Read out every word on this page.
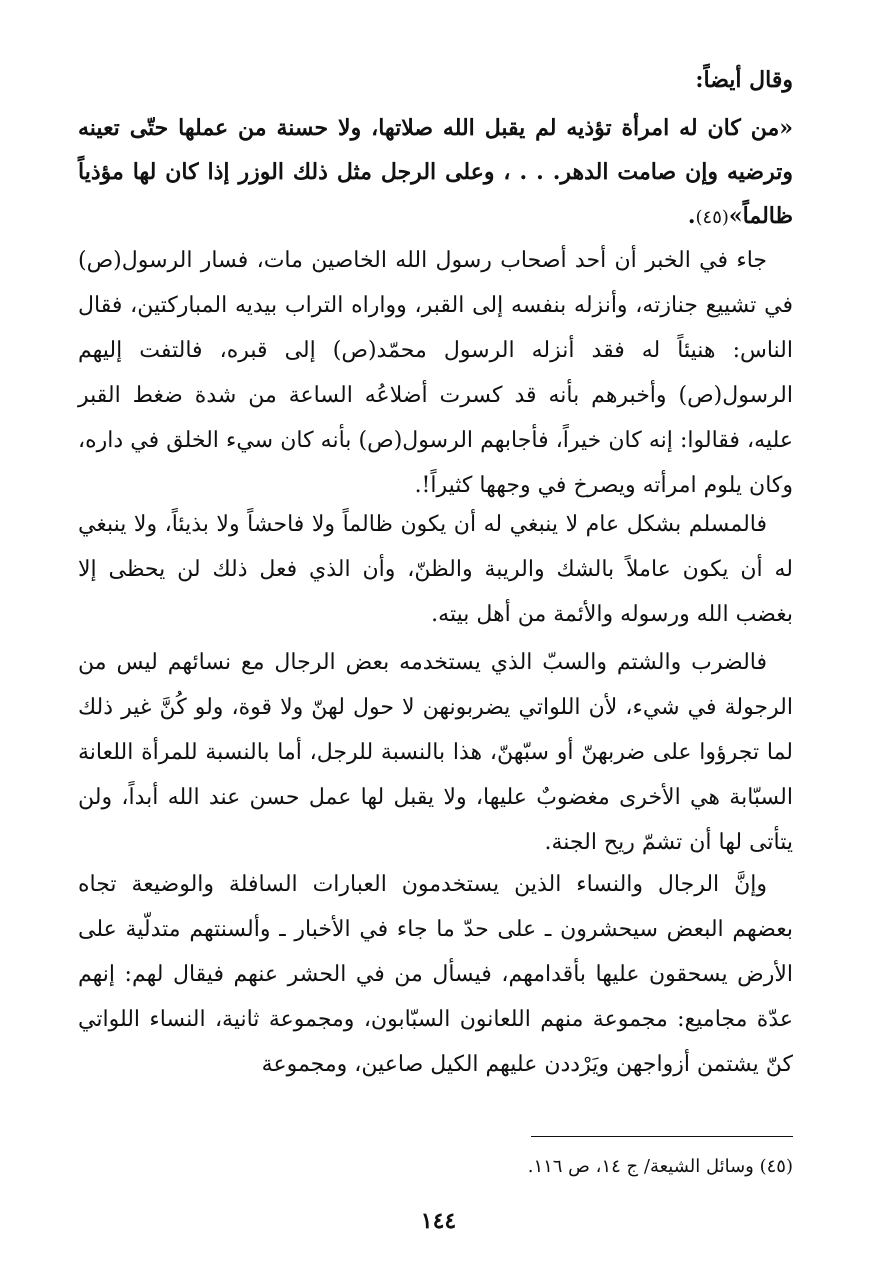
وقال أيضاً:
«من كان له امرأة تؤذيه لم يقبل الله صلاتها، ولا حسنة من عملها حتّى تعينه وترضيه وإن صامت الدهر. . . ، وعلى الرجل مثل ذلك الوزر إذا كان لها مؤذياً ظالماً»(٤٥).
جاء في الخبر أن أحد أصحاب رسول الله الخاصين مات، فسار الرسول(ص) في تشييع جنازته، وأنزله بنفسه إلى القبر، وواراه التراب بيديه المباركتين، فقال الناس: هنيئاً له فقد أنزله الرسول محمّد(ص) إلى قبره، فالتفت إليهم الرسول(ص) وأخبرهم بأنه قد كسرت أضلاعُه الساعة من شدة ضغط القبر عليه، فقالوا: إنه كان خيراً، فأجابهم الرسول(ص) بأنه كان سيء الخلق في داره، وكان يلوم امرأته ويصرخ في وجهها كثيراً!.
فالمسلم بشكل عام لا ينبغي له أن يكون ظالماً ولا فاحشاً ولا بذيئاً، ولا ينبغي له أن يكون عاملاً بالشك والريبة والظنّ، وأن الذي فعل ذلك لن يحظى إلا بغضب الله ورسوله والأئمة من أهل بيته.
فالضرب والشتم والسبّ الذي يستخدمه بعض الرجال مع نسائهم ليس من الرجولة في شيء، لأن اللواتي يضربونهن لا حول لهنّ ولا قوة، ولو كُنَّ غير ذلك لما تجرؤوا على ضربهنّ أو سبّهنّ، هذا بالنسبة للرجل، أما بالنسبة للمرأة اللعانة السبّابة هي الأخرى مغضوبٌ عليها، ولا يقبل لها عمل حسن عند الله أبداً، ولن يتأتى لها أن تشمّ ريح الجنة.
وإنَّ الرجال والنساء الذين يستخدمون العبارات السافلة والوضيعة تجاه بعضهم البعض سيحشرون ـ على حدّ ما جاء في الأخبار ـ وألسنتهم متدلّية على الأرض يسحقون عليها بأقدامهم، فيسأل من في الحشر عنهم فيقال لهم: إنهم عدّة مجاميع: مجموعة منهم اللعانون السبّابون، ومجموعة ثانية، النساء اللواتي كنّ يشتمن أزواجهن ويَرْددن عليهم الكيل صاعين، ومجموعة
(٤٥) وسائل الشيعة/ ج ١٤، ص ١١٦.
١٤٤
